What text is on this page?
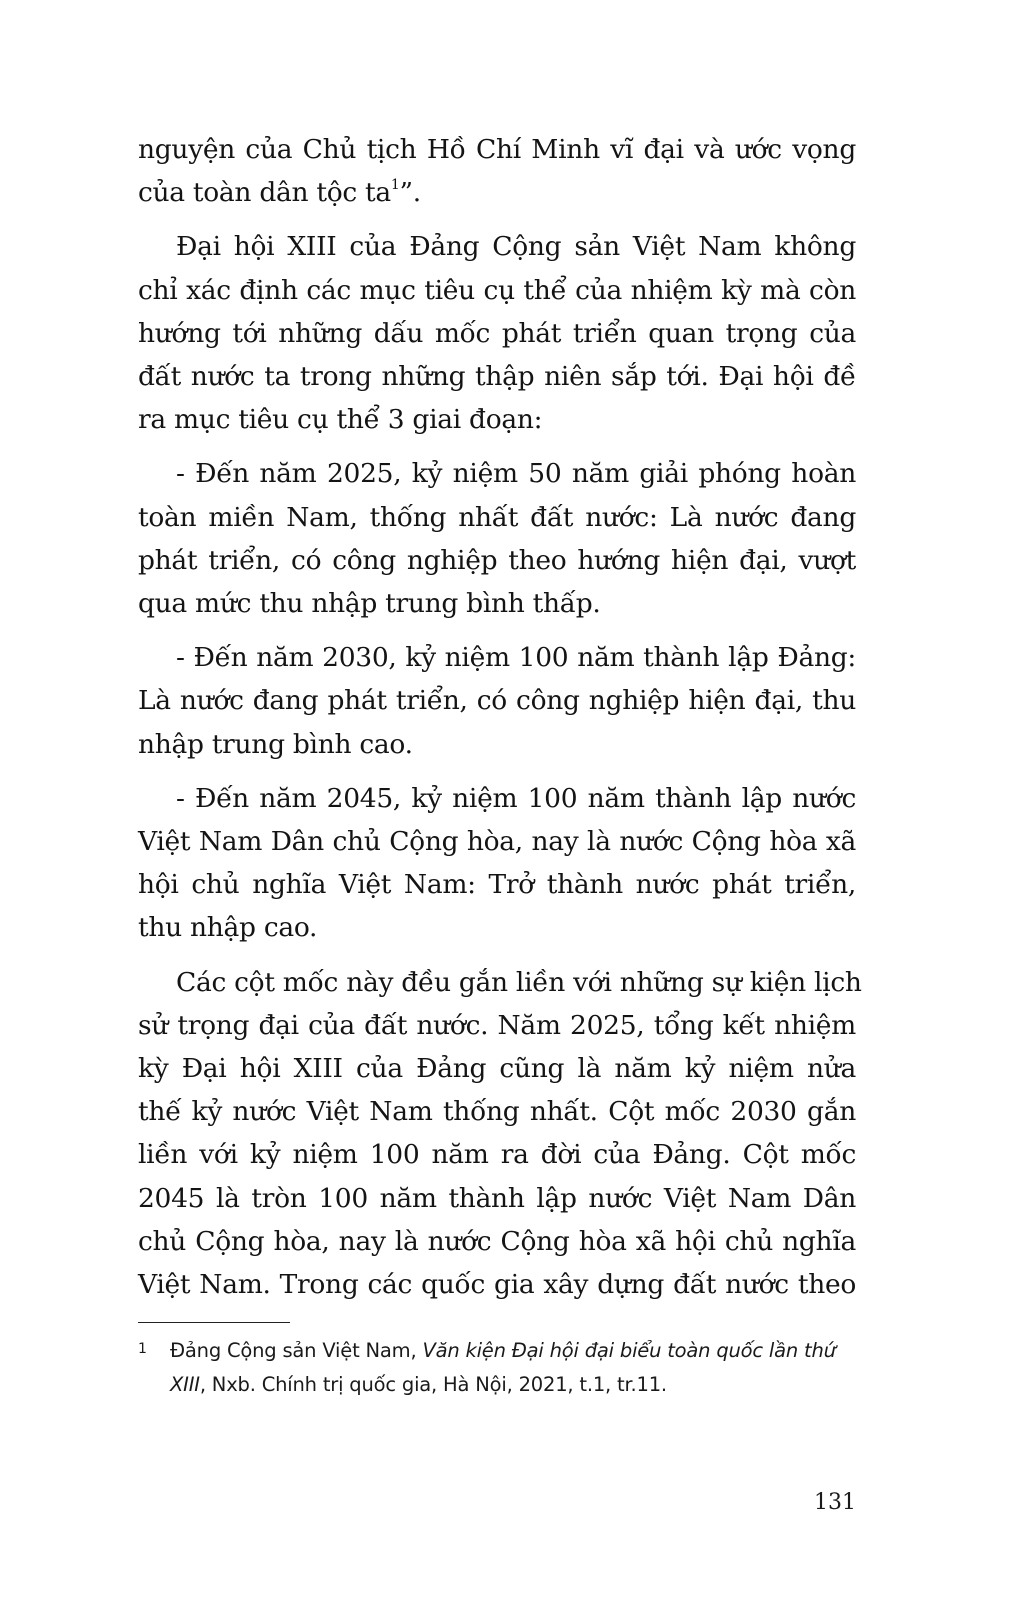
nguyện của Chủ tịch Hồ Chí Minh vĩ đại và ước vọng
của toàn dân tộc ta$^1$”.

Đại hội XIII của Đảng Cộng sản Việt Nam không
chỉ xác định các mục tiêu cụ thể của nhiệm kỳ mà còn
hướng tới những dấu mốc phát triển quan trọng của
đất nước ta trong những thập niên sắp tới. Đại hội đề
ra mục tiêu cụ thể 3 giai đoạn:

- Đến năm 2025, kỷ niệm 50 năm giải phóng hoàn
toàn miền Nam, thống nhất đất nước: Là nước đang
phát triển, có công nghiệp theo hướng hiện đại, vượt
qua mức thu nhập trung bình thấp.

- Đến năm 2030, kỷ niệm 100 năm thành lập Đảng:
Là nước đang phát triển, có công nghiệp hiện đại, thu
nhập trung bình cao.

- Đến năm 2045, kỷ niệm 100 năm thành lập nước
Việt Nam Dân chủ Cộng hòa, nay là nước Cộng hòa xã
hội chủ nghĩa Việt Nam: Trở thành nước phát triển,
thu nhập cao.

Các cột mốc này đều gắn liền với những sự kiện lịch
sử trọng đại của đất nước. Năm 2025, tổng kết nhiệm
kỳ Đại hội XIII của Đảng cũng là năm kỷ niệm nửa
thế kỷ nước Việt Nam thống nhất. Cột mốc 2030 gắn
liền với kỷ niệm 100 năm ra đời của Đảng. Cột mốc
2045 là tròn 100 năm thành lập nước Việt Nam Dân
chủ Cộng hòa, nay là nước Cộng hòa xã hội chủ nghĩa
Việt Nam. Trong các quốc gia xây dựng đất nước theo

1	Đảng Cộng sản Việt Nam, Văn kiện Đại hội đại biểu toàn quốc lần thứ
XIII, Nxb. Chính trị quốc gia, Hà Nội, 2021, t.1, tr.11.
131
